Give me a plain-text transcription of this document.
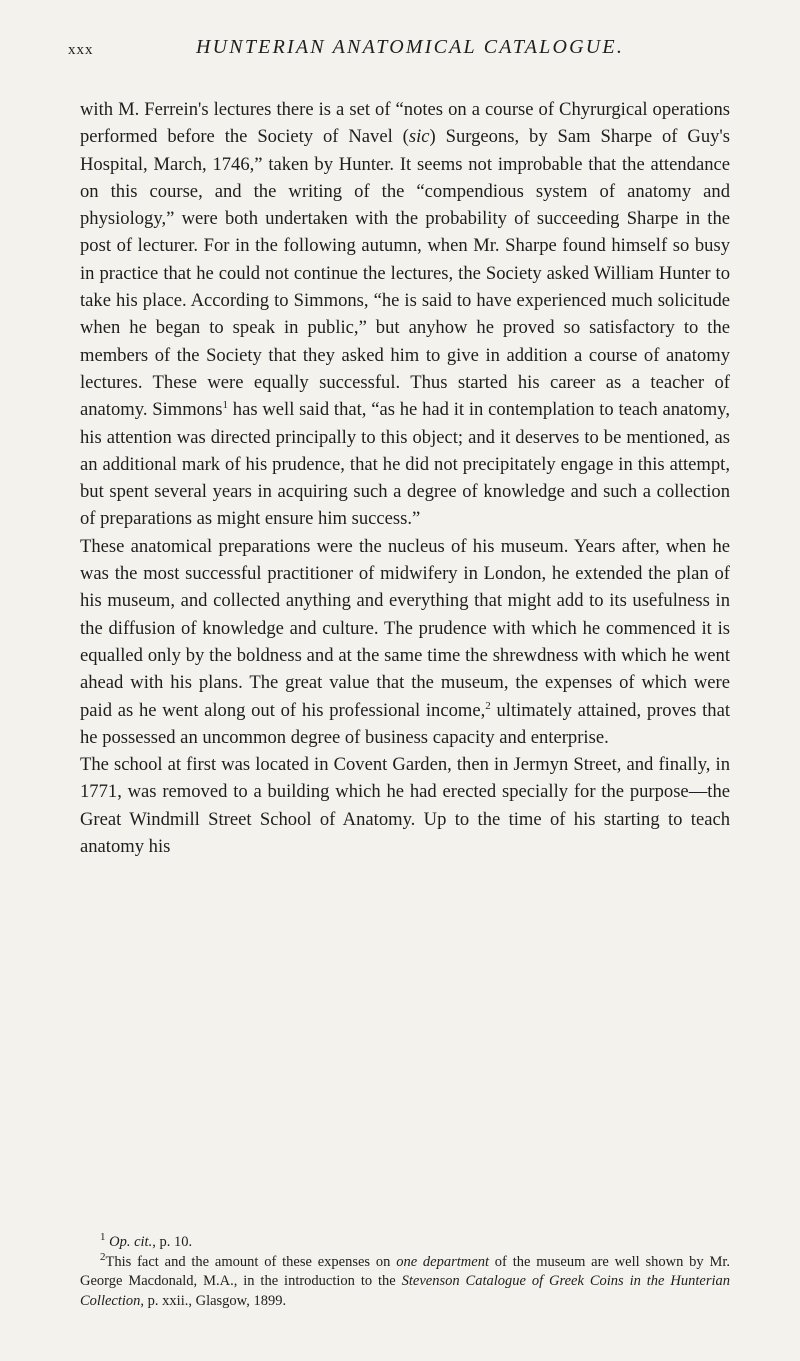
xxx	HUNTERIAN ANATOMICAL CATALOGUE.

with M. Ferrein's lectures there is a set of “notes on a course of Chyrurgical operations performed before the Society of Navel (sic) Surgeons, by Sam Sharpe of Guy's Hospital, March, 1746,” taken by Hunter. It seems not improbable that the attendance on this course, and the writing of the “compendious system of anatomy and physiology,” were both undertaken with the probability of succeeding Sharpe in the post of lecturer. For in the following autumn, when Mr. Sharpe found himself so busy in practice that he could not continue the lectures, the Society asked William Hunter to take his place. According to Simmons, “he is said to have experienced much solicitude when he began to speak in public,” but anyhow he proved so satisfactory to the members of the Society that they asked him to give in addition a course of anatomy lectures. These were equally successful. Thus started his career as a teacher of anatomy. Simmons$^1$ has well said that, “as he had it in contemplation to teach anatomy, his attention was directed principally to this object; and it deserves to be mentioned, as an additional mark of his prudence, that he did not precipitately engage in this attempt, but spent several years in acquiring such a degree of knowledge and such a collection of preparations as might ensure him success.”

These anatomical preparations were the nucleus of his museum. Years after, when he was the most successful practitioner of midwifery in London, he extended the plan of his museum, and collected anything and everything that might add to its usefulness in the diffusion of knowledge and culture. The prudence with which he commenced it is equalled only by the boldness and at the same time the shrewdness with which he went ahead with his plans. The great value that the museum, the expenses of which were paid as he went along out of his professional income,$^2$ ultimately attained, proves that he possessed an uncommon degree of business capacity and enterprise.

The school at first was located in Covent Garden, then in Jermyn Street, and finally, in 1771, was removed to a building which he had erected specially for the purpose—the Great Windmill Street School of Anatomy. Up to the time of his starting to teach anatomy his

$^1$ Op. cit., p. 10.

$^2$This fact and the amount of these expenses on one department of the museum are well shown by Mr. George Macdonald, M.A., in the introduction to the Stevenson Catalogue of Greek Coins in the Hunterian Collection, p. xxii., Glasgow, 1899.
